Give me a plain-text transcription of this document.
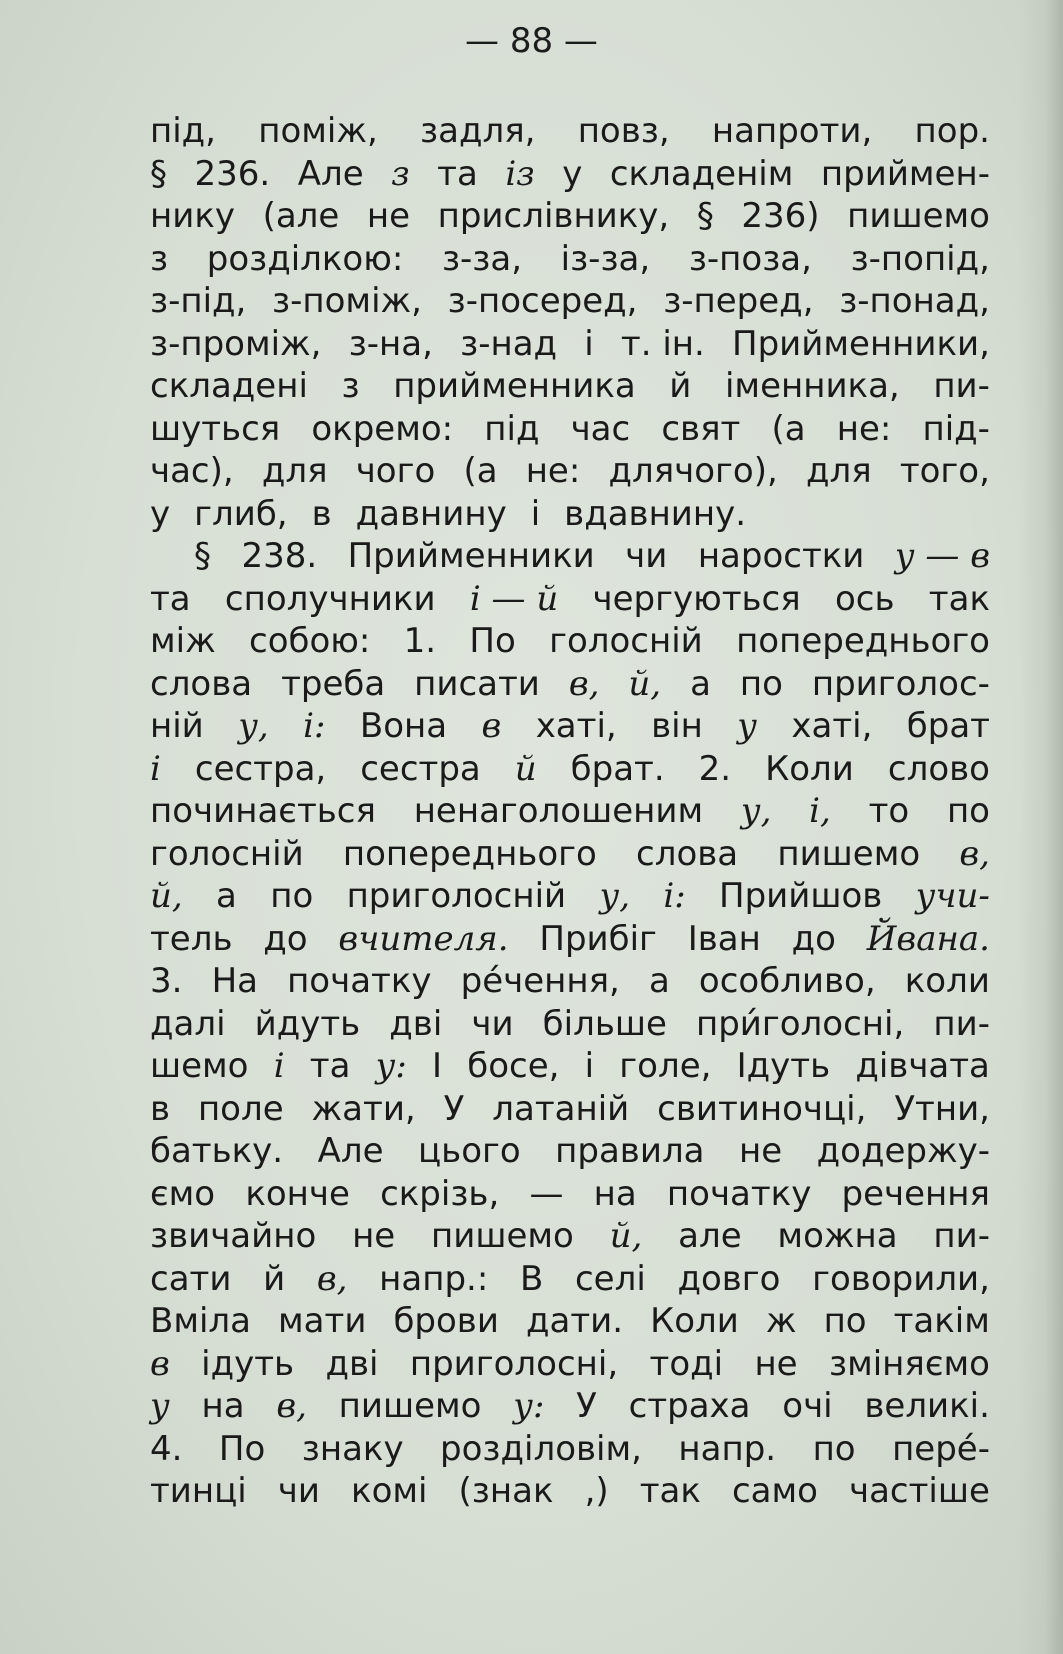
— 88 —
під, поміж, задля, повз, напроти, пор.
§ 236. Але з та із у складенім приймен-
нику (але не прислівнику, § 236) пишемо
з розділкою: з-за, із-за, з-поза, з-попід,
з-під, з-поміж, з-посеред, з-перед, з-понад,
з-проміж, з-на, з-над і т. ін. Прийменники,
складені з прийменника й іменника, пи-
шуться окремо: під час свят (а не: під-
час), для чого (а не: длячого), для того,
у глиб, в давнину і вдавнину.
§ 238. Прийменники чи наростки у — в
та сполучники і — й чергуються ось так
між собою: 1. По голосній попереднього
слова треба писати в, й, а по приголос-
ній у, і: Вона в хаті, він у хаті, брат
і сестра, сестра й брат. 2. Коли слово
починається ненаголошеним у, і, то по
голосній попереднього слова пишемо в,
й, а по приголосній у, і: Прийшов учи-
тель до вчителя. Прибіг Іван до Йвана.
3. На початку ре́чення, а особливо, коли
далі йдуть дві чи більше при́голосні, пи-
шемо і та у: І босе, і голе, Ідуть дівчата
в поле жати, У латаній свитиночці, Утни,
батьку. Але цього правила не додержу-
ємо конче скрізь, — на початку речення
звичайно не пишемо й, але можна пи-
сати й в, напр.: В селі довго говорили,
Вміла мати брови дати. Коли ж по такім
в ідуть дві приголосні, тоді не зміняємо
у на в, пишемо у: У страха очі великі.
4. По знаку розділовім, напр. по пере́-
тинці чи комі (знак ,) так само частіше
